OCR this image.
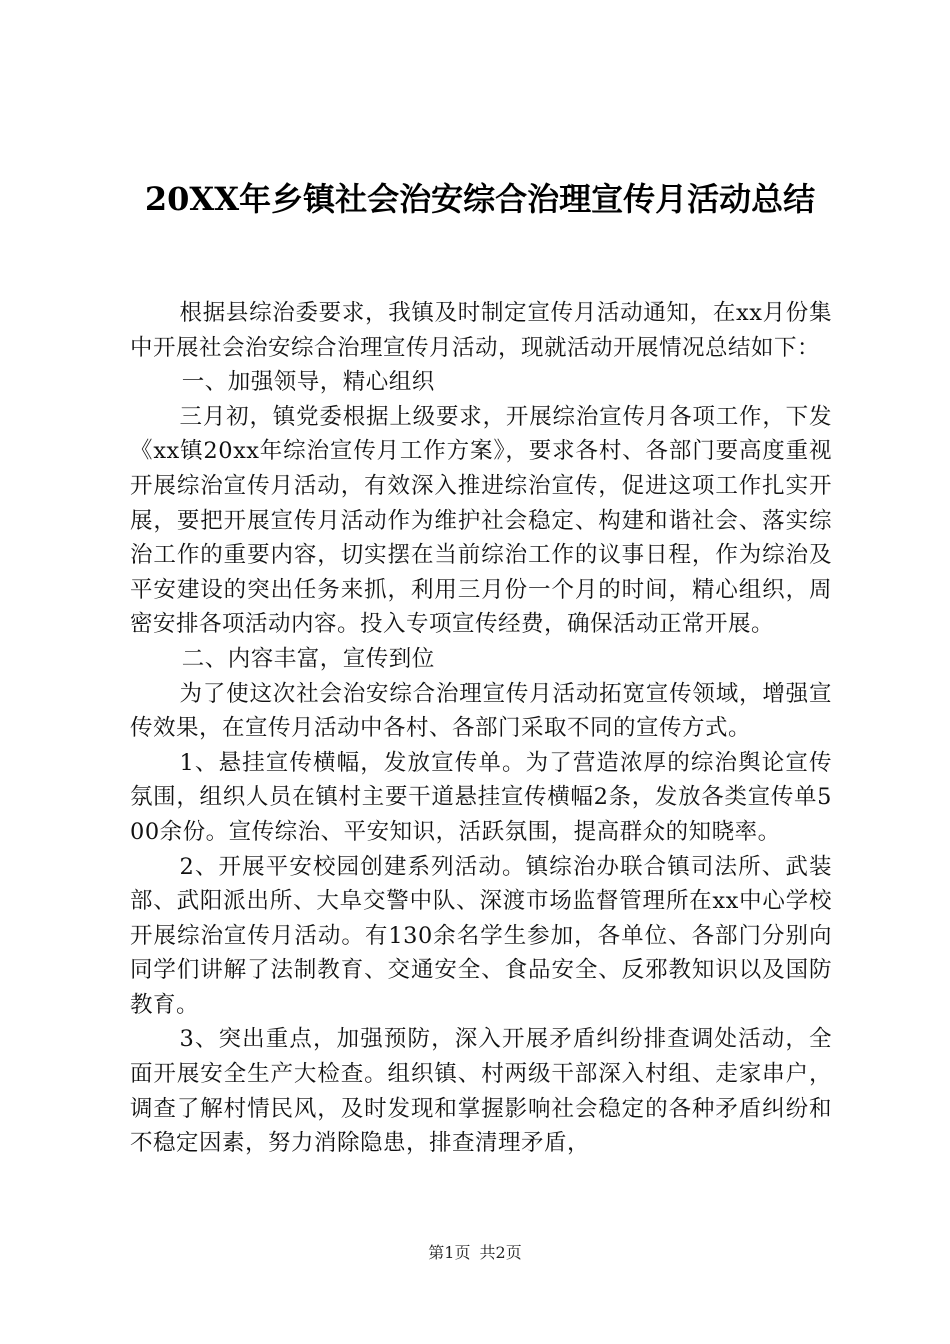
20XX年乡镇社会治安综合治理宣传月活动总结

根据县综治委要求，我镇及时制定宣传月活动通知，在xx月份集中开展社会治安综合治理宣传月活动，现就活动开展情况总结如下：

一、加强领导，精心组织

三月初，镇党委根据上级要求，开展综治宣传月各项工作，下发《xx镇20xx年综治宣传月工作方案》，要求各村、各部门要高度重视开展综治宣传月活动，有效深入推进综治宣传，促进这项工作扎实开展，要把开展宣传月活动作为维护社会稳定、构建和谐社会、落实综治工作的重要内容，切实摆在当前综治工作的议事日程，作为综治及平安建设的突出任务来抓，利用三月份一个月的时间，精心组织，周密安排各项活动内容。投入专项宣传经费，确保活动正常开展。

二、内容丰富，宣传到位

为了使这次社会治安综合治理宣传月活动拓宽宣传领域，增强宣传效果，在宣传月活动中各村、各部门采取不同的宣传方式。

1、悬挂宣传横幅，发放宣传单。为了营造浓厚的综治舆论宣传氛围，组织人员在镇村主要干道悬挂宣传横幅2条，发放各类宣传单500余份。宣传综治、平安知识，活跃氛围，提高群众的知晓率。

2、开展平安校园创建系列活动。镇综治办联合镇司法所、武装部、武阳派出所、大阜交警中队、深渡市场监督管理所在xx中心学校开展综治宣传月活动。有130余名学生参加，各单位、各部门分别向同学们讲解了法制教育、交通安全、食品安全、反邪教知识以及国防教育。

3、突出重点，加强预防，深入开展矛盾纠纷排查调处活动，全面开展安全生产大检查。组织镇、村两级干部深入村组、走家串户，调查了解村情民风，及时发现和掌握影响社会稳定的各种矛盾纠纷和不稳定因素，努力消除隐患，排查清理矛盾，

第1页 共2页
